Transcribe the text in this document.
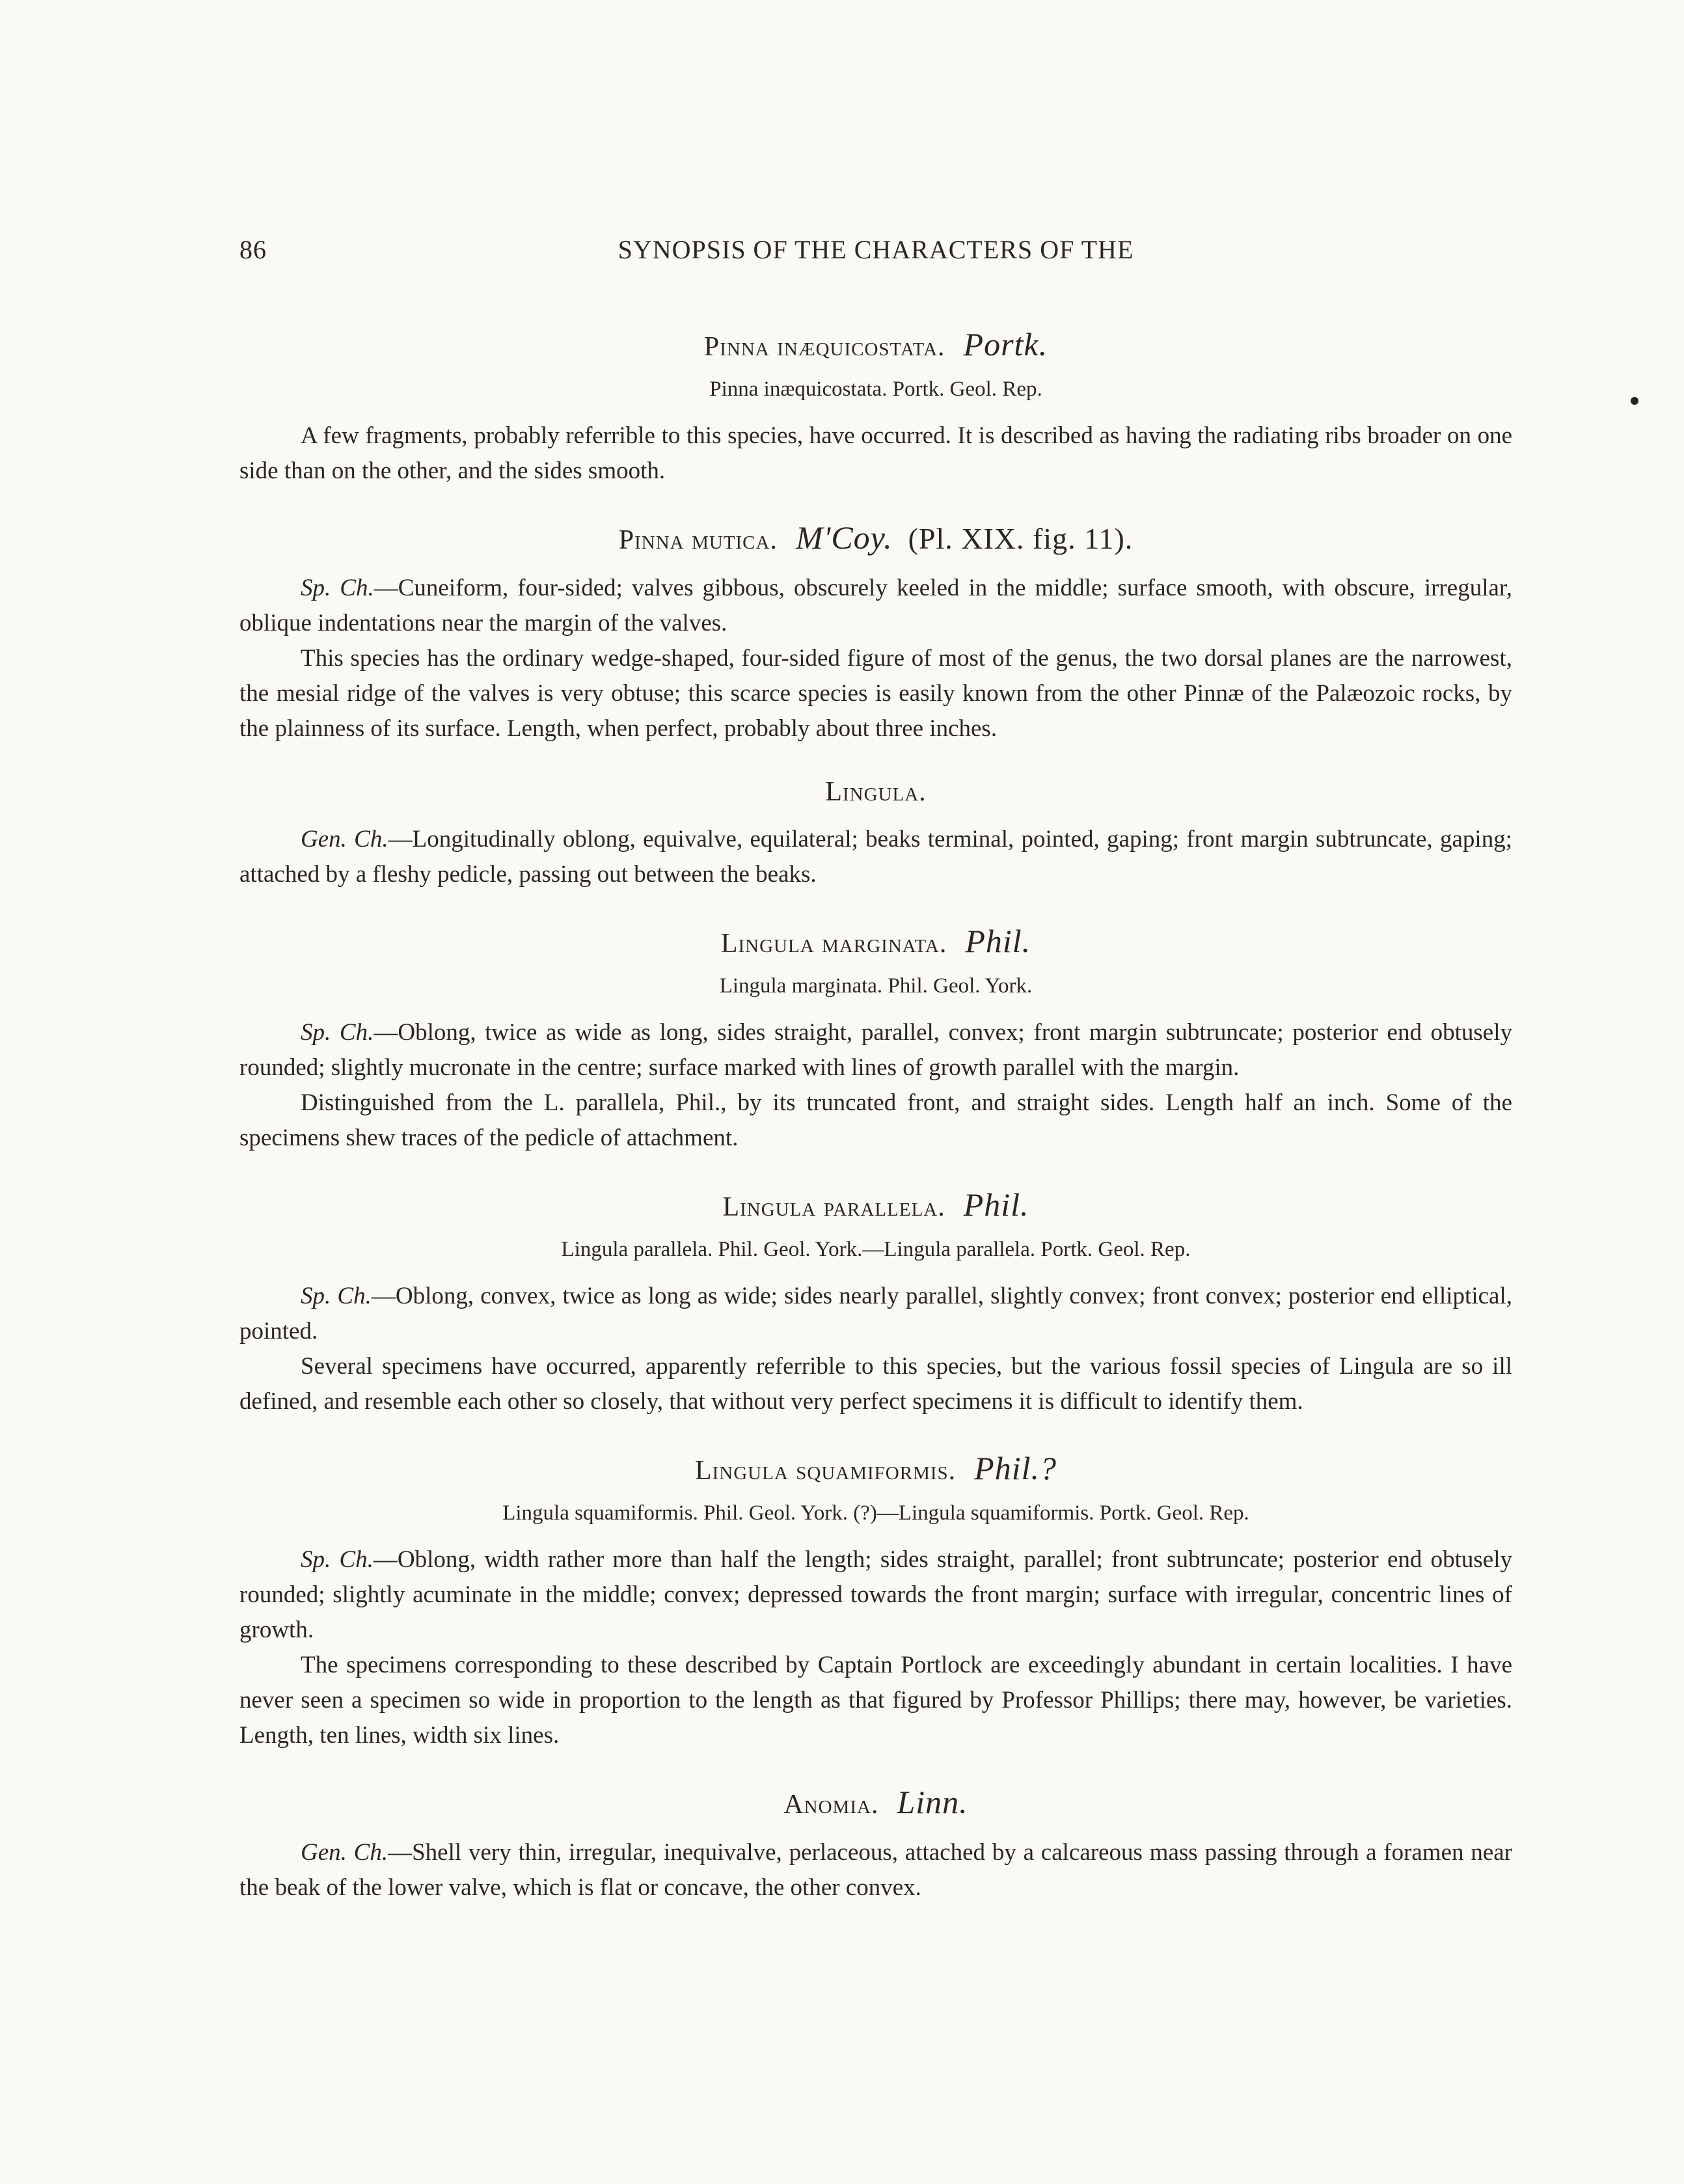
86	SYNOPSIS OF THE CHARACTERS OF THE
Pinna inæquicostata. Portk.
Pinna inæquicostata. Portk. Geol. Rep.

A few fragments, probably referrible to this species, have occurred. It is described as having the radiating ribs broader on one side than on the other, and the sides smooth.

Pinna mutica. M'Coy. (Pl. XIX. fig. 11).

Sp. Ch.—Cuneiform, four-sided; valves gibbous, obscurely keeled in the middle; surface smooth, with obscure, irregular, oblique indentations near the margin of the valves.

This species has the ordinary wedge-shaped, four-sided figure of most of the genus, the two dorsal planes are the narrowest, the mesial ridge of the valves is very obtuse; this scarce species is easily known from the other Pinnæ of the Palæozoic rocks, by the plainness of its surface. Length, when perfect, probably about three inches.

Lingula.

Gen. Ch.—Longitudinally oblong, equivalve, equilateral; beaks terminal, pointed, gaping; front margin subtruncate, gaping; attached by a fleshy pedicle, passing out between the beaks.

Lingula marginata. Phil.
Lingula marginata. Phil. Geol. York.

Sp. Ch.—Oblong, twice as wide as long, sides straight, parallel, convex; front margin subtruncate; posterior end obtusely rounded; slightly mucronate in the centre; surface marked with lines of growth parallel with the margin.

Distinguished from the L. parallela, Phil., by its truncated front, and straight sides. Length half an inch. Some of the specimens shew traces of the pedicle of attachment.

Lingula parallela. Phil.
Lingula parallela. Phil. Geol. York.—Lingula parallela. Portk. Geol. Rep.

Sp. Ch.—Oblong, convex, twice as long as wide; sides nearly parallel, slightly convex; front convex; posterior end elliptical, pointed.

Several specimens have occurred, apparently referrible to this species, but the various fossil species of Lingula are so ill defined, and resemble each other so closely, that without very perfect specimens it is difficult to identify them.

Lingula squamiformis. Phil.?
Lingula squamiformis. Phil. Geol. York. (?)—Lingula squamiformis. Portk. Geol. Rep.

Sp. Ch.—Oblong, width rather more than half the length; sides straight, parallel; front subtruncate; posterior end obtusely rounded; slightly acuminate in the middle; convex; depressed towards the front margin; surface with irregular, concentric lines of growth.

The specimens corresponding to these described by Captain Portlock are exceedingly abundant in certain localities. I have never seen a specimen so wide in proportion to the length as that figured by Professor Phillips; there may, however, be varieties. Length, ten lines, width six lines.

Anomia. Linn.

Gen. Ch.—Shell very thin, irregular, inequivalve, perlaceous, attached by a calcareous mass passing through a foramen near the beak of the lower valve, which is flat or concave, the other convex.
